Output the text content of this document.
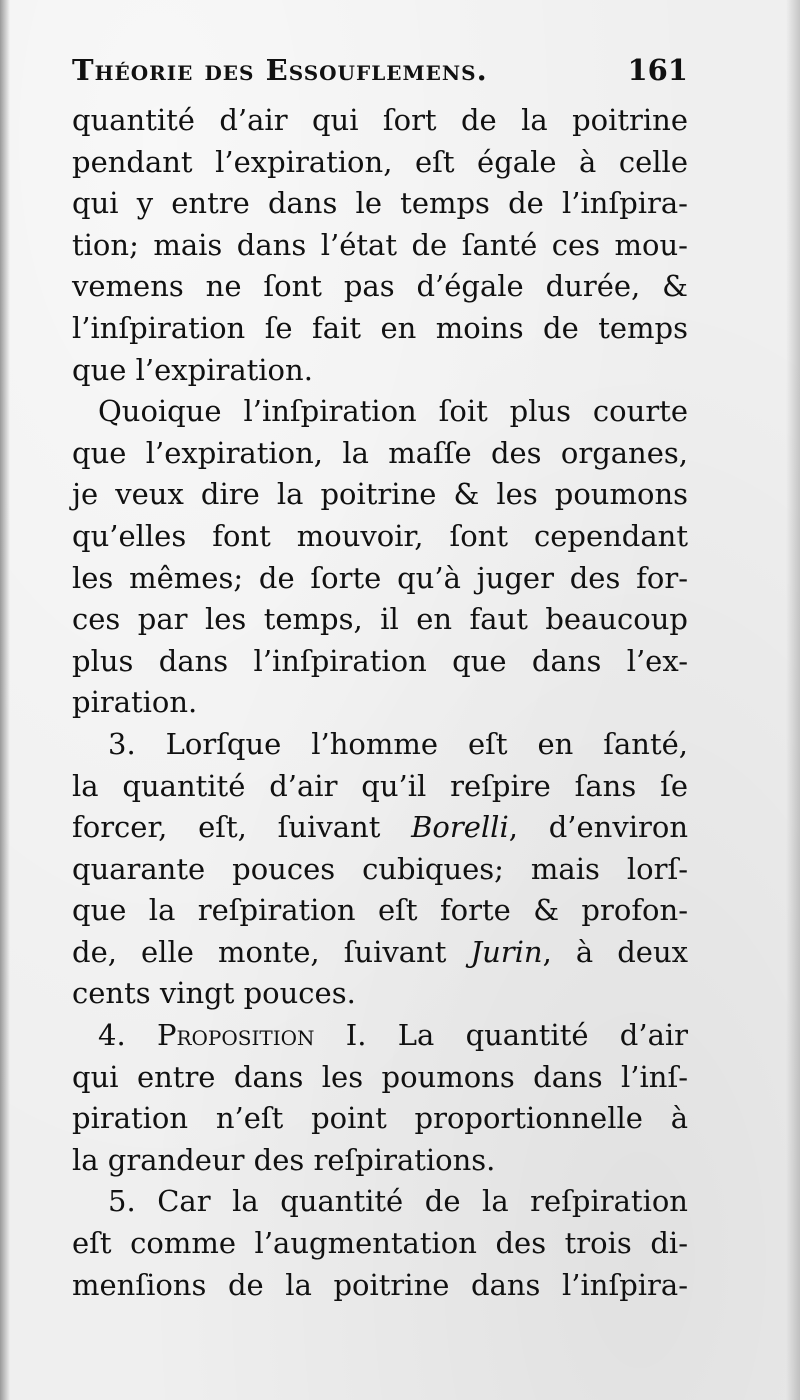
Théorie des Essouflemens.	161
quantité d’air qui ſort de la poitrine
pendant l’expiration, eſt égale à celle
qui y entre dans le temps de l’inſpira-
tion; mais dans l’état de ſanté ces mou-
vemens ne ſont pas d’égale durée, &
l’inſpiration ſe fait en moins de temps
que l’expiration.
Quoique l’inſpiration ſoit plus courte
que l’expiration, la maſſe des organes,
je veux dire la poitrine & les poumons
qu’elles font mouvoir, ſont cependant
les mêmes; de ſorte qu’à juger des for-
ces par les temps, il en faut beaucoup
plus dans l’inſpiration que dans l’ex-
piration.
3. Lorſque l’homme eſt en ſanté,
la quantité d’air qu’il reſpire ſans ſe
forcer, eſt, ſuivant Borelli, d’environ
quarante pouces cubiques; mais lorſ-
que la reſpiration eſt forte & profon-
de, elle monte, ſuivant Jurin, à deux
cents vingt pouces.
4. Proposition I. La quantité d’air
qui entre dans les poumons dans l’inſ-
piration n’eſt point proportionnelle à
la grandeur des reſpirations.
5. Car la quantité de la reſpiration
eſt comme l’augmentation des trois di-
menſions de la poitrine dans l’inſpira-
